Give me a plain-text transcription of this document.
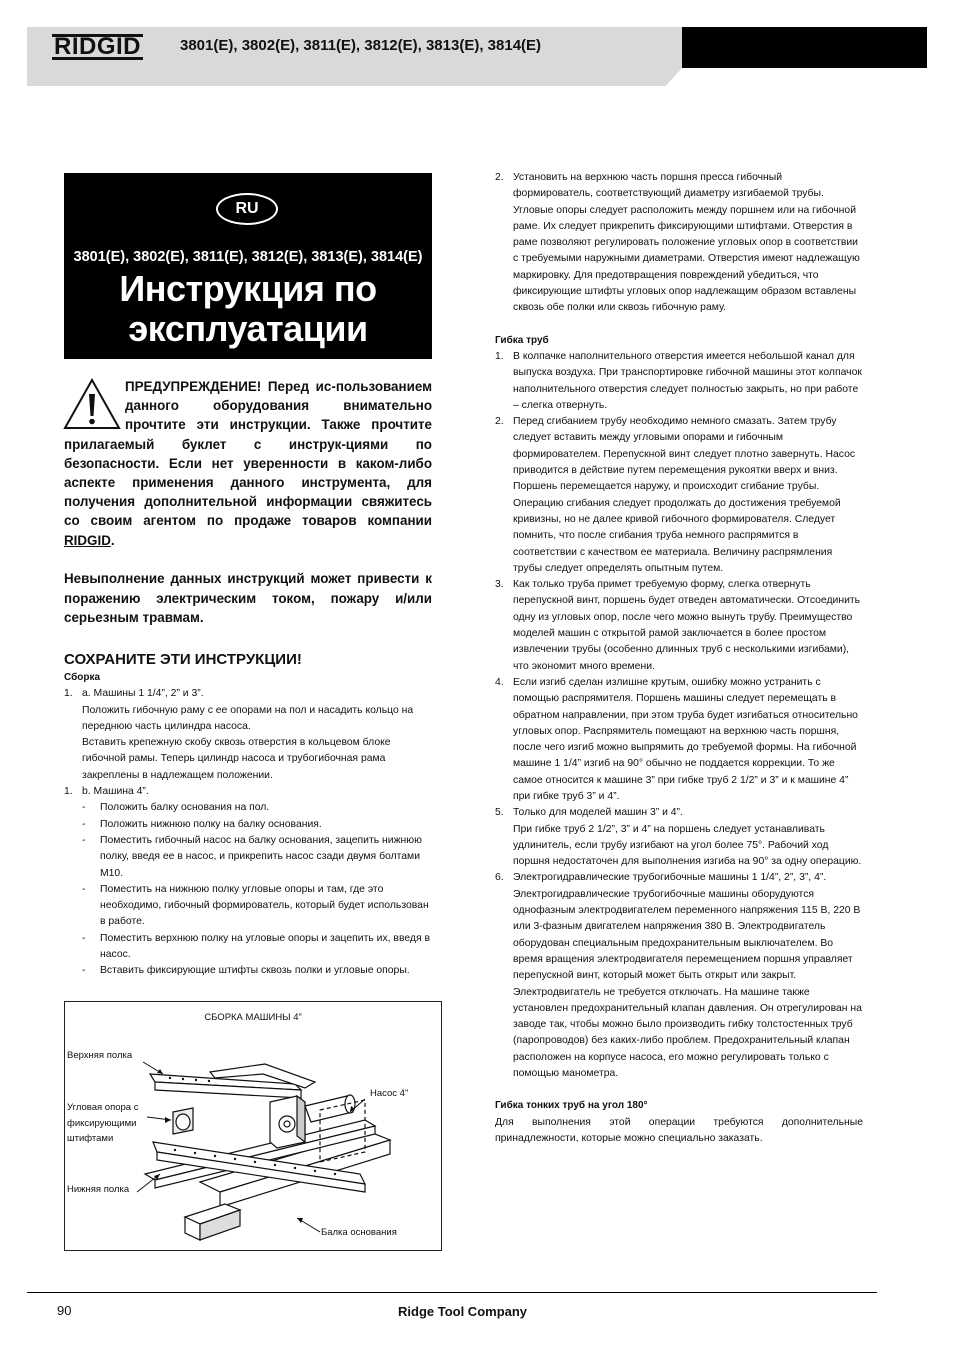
RIDGID	3801(E), 3802(E), 3811(E), 3812(E), 3813(E), 3814(E)
RU
3801(E), 3802(E), 3811(E), 3812(E), 3813(E), 3814(E)
Инструкция по
эксплуатации
ПРЕДУПРЕЖДЕНИЕ! Перед ис-пользованием данного оборудования внимательно прочтите эти инструкции. Также прочтите прилагаемый буклет с инструк-циями по безопасности. Если нет уверенности в каком-либо аспекте применения данного инструмента, для получения дополнительной информации свяжитесь со своим агентом по продаже товаров компании RIDGID.
Невыполнение данных инструкций может привести к поражению электрическим током, пожару и/или серьезным травмам.
СОХРАНИТЕ ЭТИ ИНСТРУКЦИИ!
Сборка
1. a. Машины 1 1/4”, 2” и 3”.
Положить гибочную раму с ее опорами на пол и насадить кольцо на переднюю часть цилиндра насоса.
Вставить крепежную скобу сквозь отверстия в кольцевом блоке гибочной рамы. Теперь цилиндр насоса и трубогибочная рама закреплены в надлежащем положении.
1. b. Машина 4”.
- Положить балку основания на пол.
- Положить нижнюю полку на балку основания.
- Поместить гибочный насос на балку основания, зацепить нижнюю полку, введя ее в насос, и прикрепить насос сзади двумя болтами M10.
- Поместить на нижнюю полку угловые опоры и там, где это необходимо, гибочный формирователь, который будет использован в работе.
- Поместить верхнюю полку на угловые опоры и зацепить их, введя в насос.
- Вставить фиксирующие штифты сквозь полки и угловые опоры.
СБОРКА МАШИНЫ 4”
Верхняя полка
Угловая опора с фиксирующими штифтами
Нижняя полка
Насос 4”
Балка основания
2. Установить на верхнюю часть поршня пресса гибочный формирователь, соответствующий диаметру изгибаемой трубы. Угловые опоры следует расположить между поршнем или на гибочной раме. Их следует прикрепить фиксирующими штифтами. Отверстия в раме позволяют регулировать положение угловых опор в соответствии с требуемыми наружными диаметрами. Отверстия имеют надлежащую маркировку. Для предотвращения повреждений убедиться, что фиксирующие штифты угловых опор надлежащим образом вставлены сквозь обе полки или сквозь гибочную раму.
Гибка труб
1. В колпачке наполнительного отверстия имеется небольшой канал для выпуска воздуха. При транспортировке гибочной машины этот колпачок наполнительного отверстия следует полностью закрыть, но при работе – слегка отвернуть.
2. Перед сгибанием трубу необходимо немного смазать. Затем трубу следует вставить между угловыми опорами и гибочным формирователем. Перепускной винт следует плотно завернуть. Насос приводится в действие путем перемещения рукоятки вверх и вниз. Поршень перемещается наружу, и происходит сгибание трубы. Операцию сгибания следует продолжать до достижения требуемой кривизны, но не далее кривой гибочного формирователя. Следует помнить, что после сгибания труба немного распрямится в соответствии с качеством ее материала. Величину распрямления трубы следует определять опытным путем.
3. Как только труба примет требуемую форму, слегка отвернуть перепускной винт, поршень будет отведен автоматически. Отсоединить одну из угловых опор, после чего можно вынуть трубу. Преимущество моделей машин с открытой рамой заключается в более простом извлечении трубы (особенно длинных труб с несколькими изгибами), что экономит много времени.
4. Если изгиб сделан излишне крутым, ошибку можно устранить с помощью распрямителя. Поршень машины следует перемещать в обратном направлении, при этом труба будет изгибаться относительно угловых опор. Распрямитель помещают на верхнюю часть поршня, после чего изгиб можно выпрямить до требуемой формы. На гибочной машине 1 1/4” изгиб на 90° обычно не поддается коррекции. То же самое относится к машине 3” при гибке труб 2 1/2” и 3” и к машине 4” при гибке труб 3” и 4”.
5. Только для моделей машин 3” и 4”.
При гибке труб 2 1/2”, 3” и 4” на поршень следует устанавливать удлинитель, если трубу изгибают на угол более 75°. Рабочий ход поршня недостаточен для выполнения изгиба на 90° за одну операцию.
6. Электрогидравлические трубогибочные машины 1 1/4”, 2”, 3”, 4”. Электрогидравлические трубогибочные машины оборудуются однофазным электродвигателем переменного напряжения 115 В, 220 В или 3-фазным двигателем напряжения 380 В. Электродвигатель оборудован специальным предохранительным выключателем. Во время вращения электродвигателя перемещением поршня управляет перепускной винт, который может быть открыт или закрыт. Электродвигатель не требуется отключать. На машине также установлен предохранительный клапан давления. Он отрегулирован на заводе так, чтобы можно было производить гибку толстостенных труб (паропроводов) без каких-либо проблем. Предохранительный клапан расположен на корпусе насоса, его можно регулировать только с помощью манометра.
Гибка тонких труб на угол 180°
Для выполнения этой операции требуются дополнительные принадлежности, которые можно специально заказать.
90	Ridge Tool Company
